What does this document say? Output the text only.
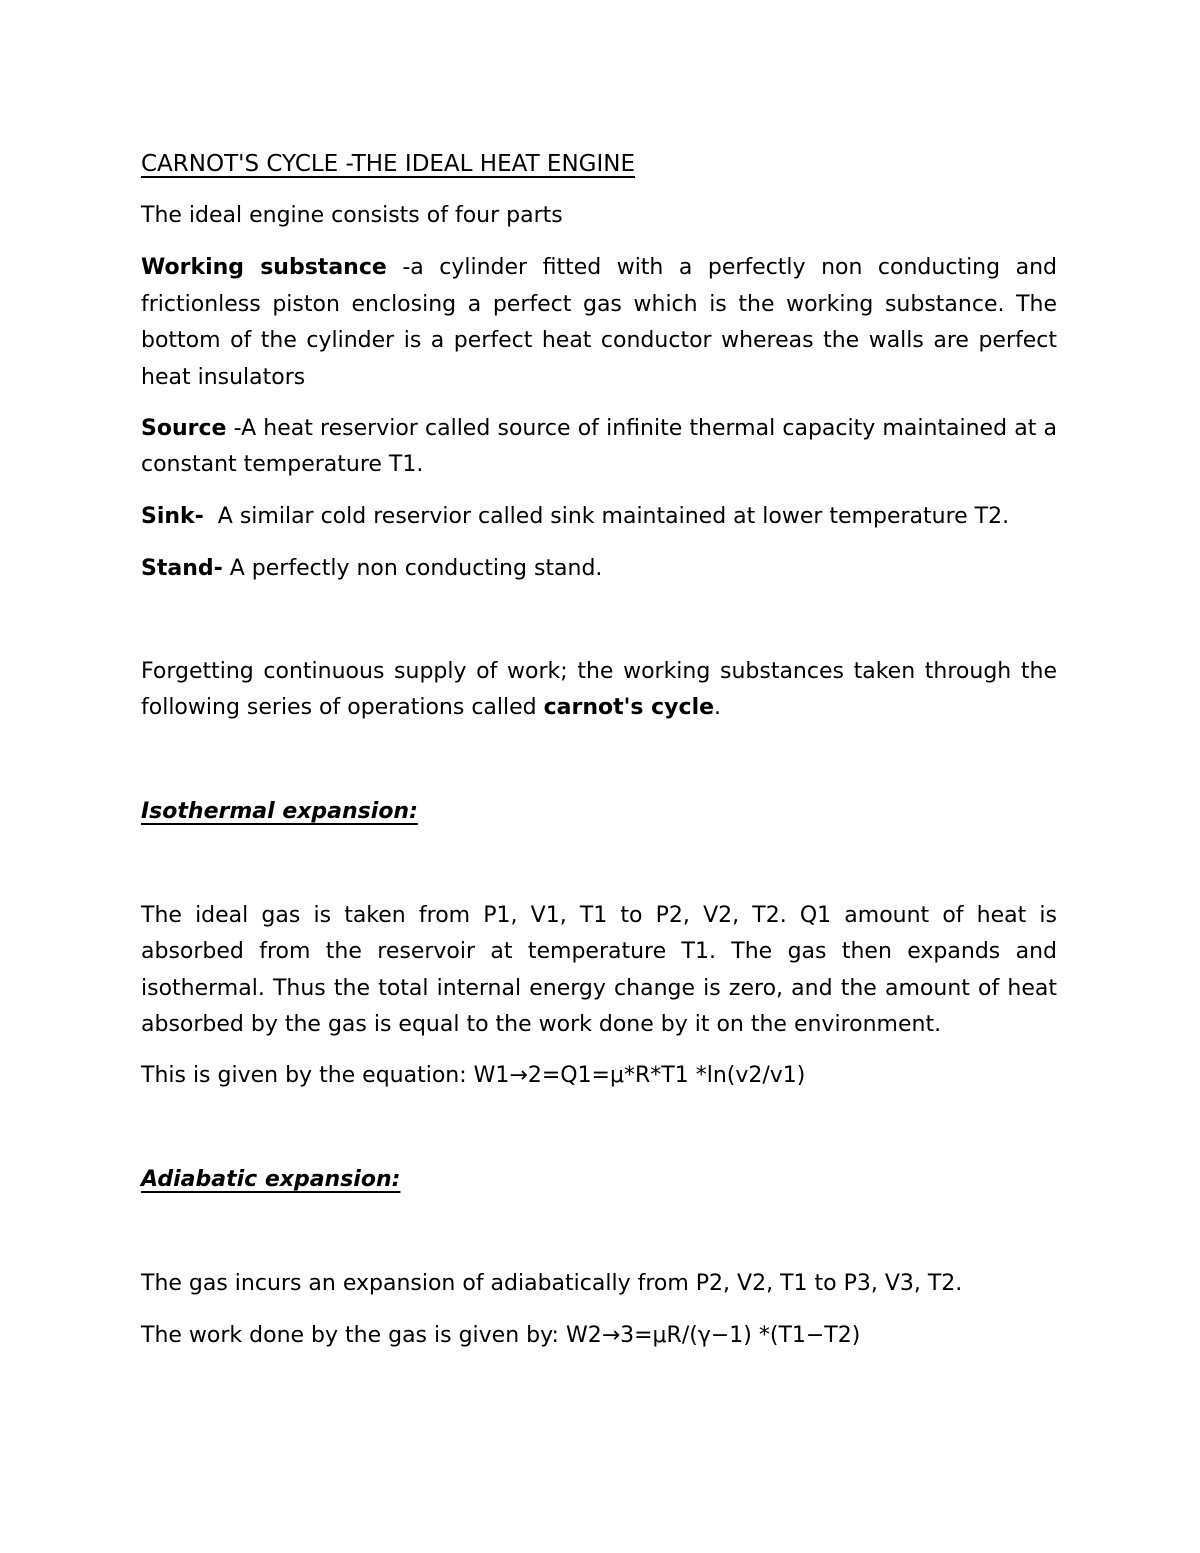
CARNOT'S CYCLE -THE IDEAL HEAT ENGINE
The ideal engine consists of four parts
Working substance -a cylinder fitted with a perfectly non conducting and
frictionless piston enclosing a perfect gas which is the working substance. The
bottom of the cylinder is a perfect heat conductor whereas the walls are perfect
heat insulators
Source -A heat reservior called source of infinite thermal capacity maintained at a
constant temperature T1.
Sink-  A similar cold reservior called sink maintained at lower temperature T2.
Stand- A perfectly non conducting stand.
Forgetting continuous supply of work; the working substances taken through the
following series of operations called carnot's cycle.
Isothermal expansion:
The ideal gas is taken from P1, V1, T1 to P2, V2, T2. Q1 amount of heat is
absorbed from the reservoir at temperature T1. The gas then expands and
isothermal. Thus the total internal energy change is zero, and the amount of heat
absorbed by the gas is equal to the work done by it on the environment.
This is given by the equation: W1→2=Q1=μ*R*T1 *ln(v2/v1)
Adiabatic expansion:
The gas incurs an expansion of adiabatically from P2, V2, T1 to P3, V3, T2.
The work done by the gas is given by: W2→3=μR/(γ−1) *(T1−T2)
